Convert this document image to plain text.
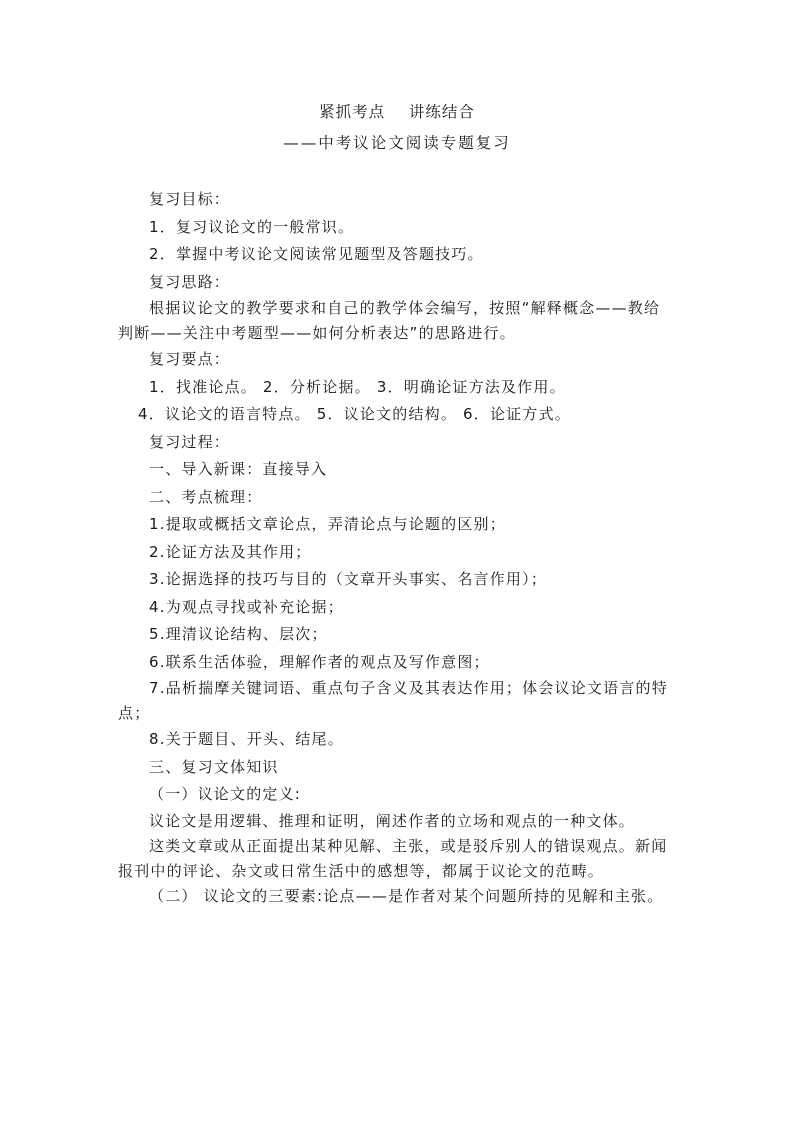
紧抓考点    讲练结合
——中考议论文阅读专题复习

复习目标：

1．复习议论文的一般常识。

2．掌握中考议论文阅读常见题型及答题技巧。

复习思路：

根据议论文的教学要求和自己的教学体会编写，按照“解释概念——教给判断——关注中考题型——如何分析表达”的思路进行。

复习要点：

1．找准论点。 2．分析论据。 3．明确论证方法及作用。

4．议论文的语言特点。 5．议论文的结构。 6．论证方式。

复习过程：

一、导入新课：直接导入

二、考点梳理：

1.提取或概括文章论点，弄清论点与论题的区别；

2.论证方法及其作用；

3.论据选择的技巧与目的（文章开头事实、名言作用）；

4.为观点寻找或补充论据；

5.理清议论结构、层次；

6.联系生活体验，理解作者的观点及写作意图；

7.品析揣摩关键词语、重点句子含义及其表达作用；体会议论文语言的特点；

8.关于题目、开头、结尾。

三、复习文体知识

（一）议论文的定义:

议论文是用逻辑、推理和证明，阐述作者的立场和观点的一种文体。

这类文章或从正面提出某种见解、主张，或是驳斥别人的错误观点。新闻报刊中的评论、杂文或日常生活中的感想等，都属于议论文的范畴。

（二） 议论文的三要素:论点——是作者对某个问题所持的见解和主张。
